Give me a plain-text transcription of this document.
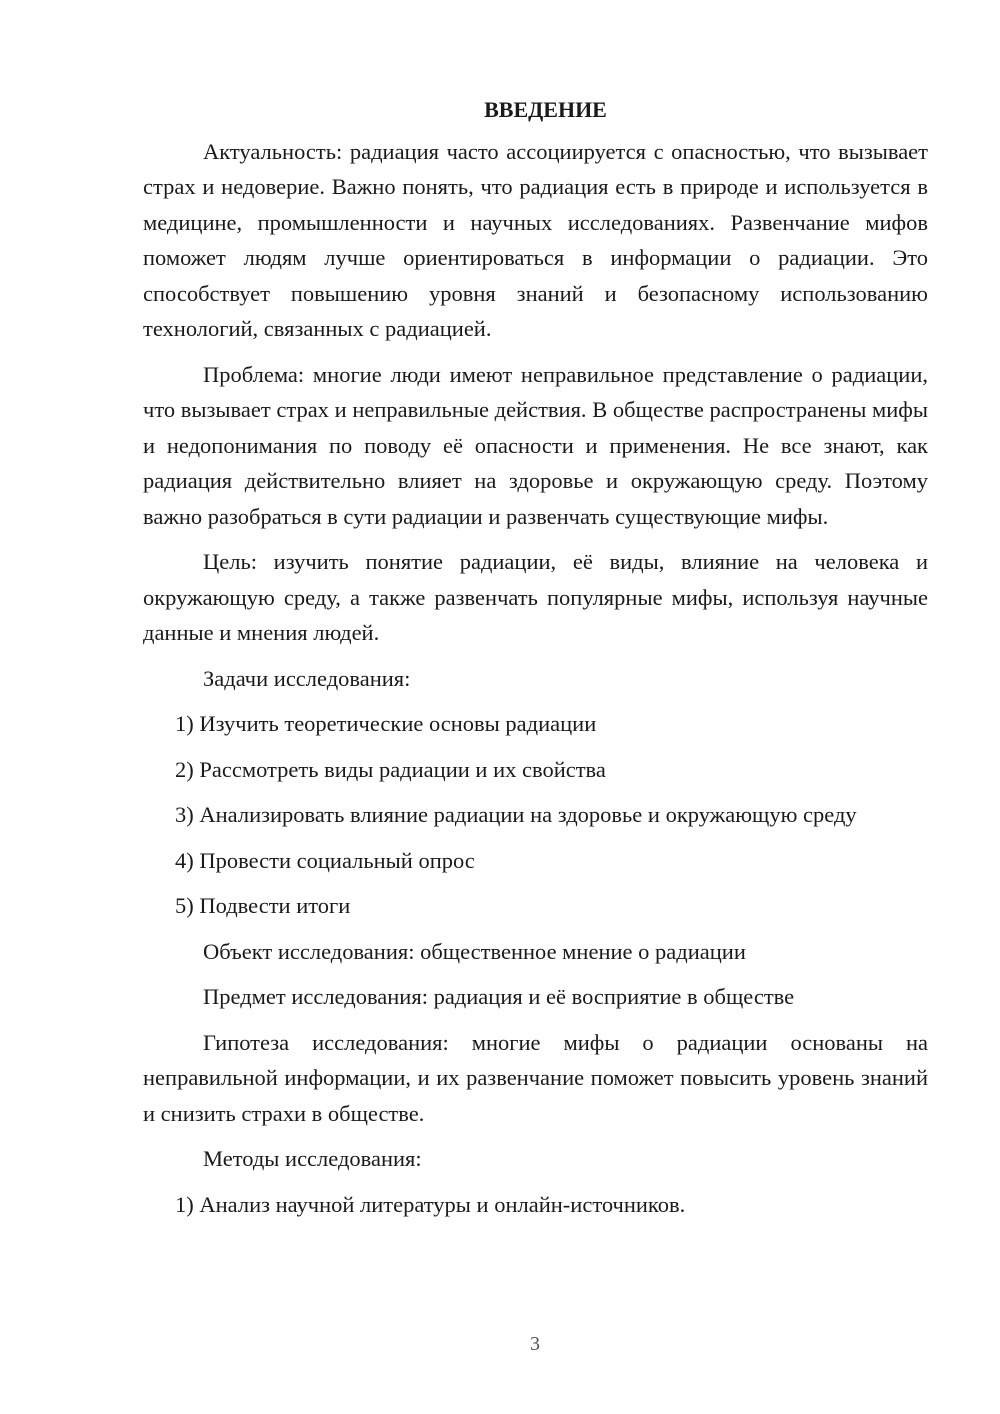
ВВЕДЕНИЕ

Актуальность: радиация часто ассоциируется с опасностью, что вызывает страх и недоверие. Важно понять, что радиация есть в природе и используется в медицине, промышленности и научных исследованиях. Развенчание мифов поможет людям лучше ориентироваться в информации о радиации. Это способствует повышению уровня знаний и безопасному использованию технологий, связанных с радиацией.

Проблема: многие люди имеют неправильное представление о радиации, что вызывает страх и неправильные действия. В обществе распространены мифы и недопонимания по поводу её опасности и применения. Не все знают, как радиация действительно влияет на здоровье и окружающую среду. Поэтому важно разобраться в сути радиации и развенчать существующие мифы.

Цель: изучить понятие радиации, её виды, влияние на человека и окружающую среду, а также развенчать популярные мифы, используя научные данные и мнения людей.

Задачи исследования:

1) Изучить теоретические основы радиации

2) Рассмотреть виды радиации и их свойства

3) Анализировать влияние радиации на здоровье и окружающую среду

4) Провести социальный опрос

5) Подвести итоги

Объект исследования: общественное мнение о радиации

Предмет исследования: радиация и её восприятие в обществе

Гипотеза исследования: многие мифы о радиации основаны на неправильной информации, и их развенчание поможет повысить уровень знаний и снизить страхи в обществе.

Методы исследования:

1) Анализ научной литературы и онлайн-источников.

3
